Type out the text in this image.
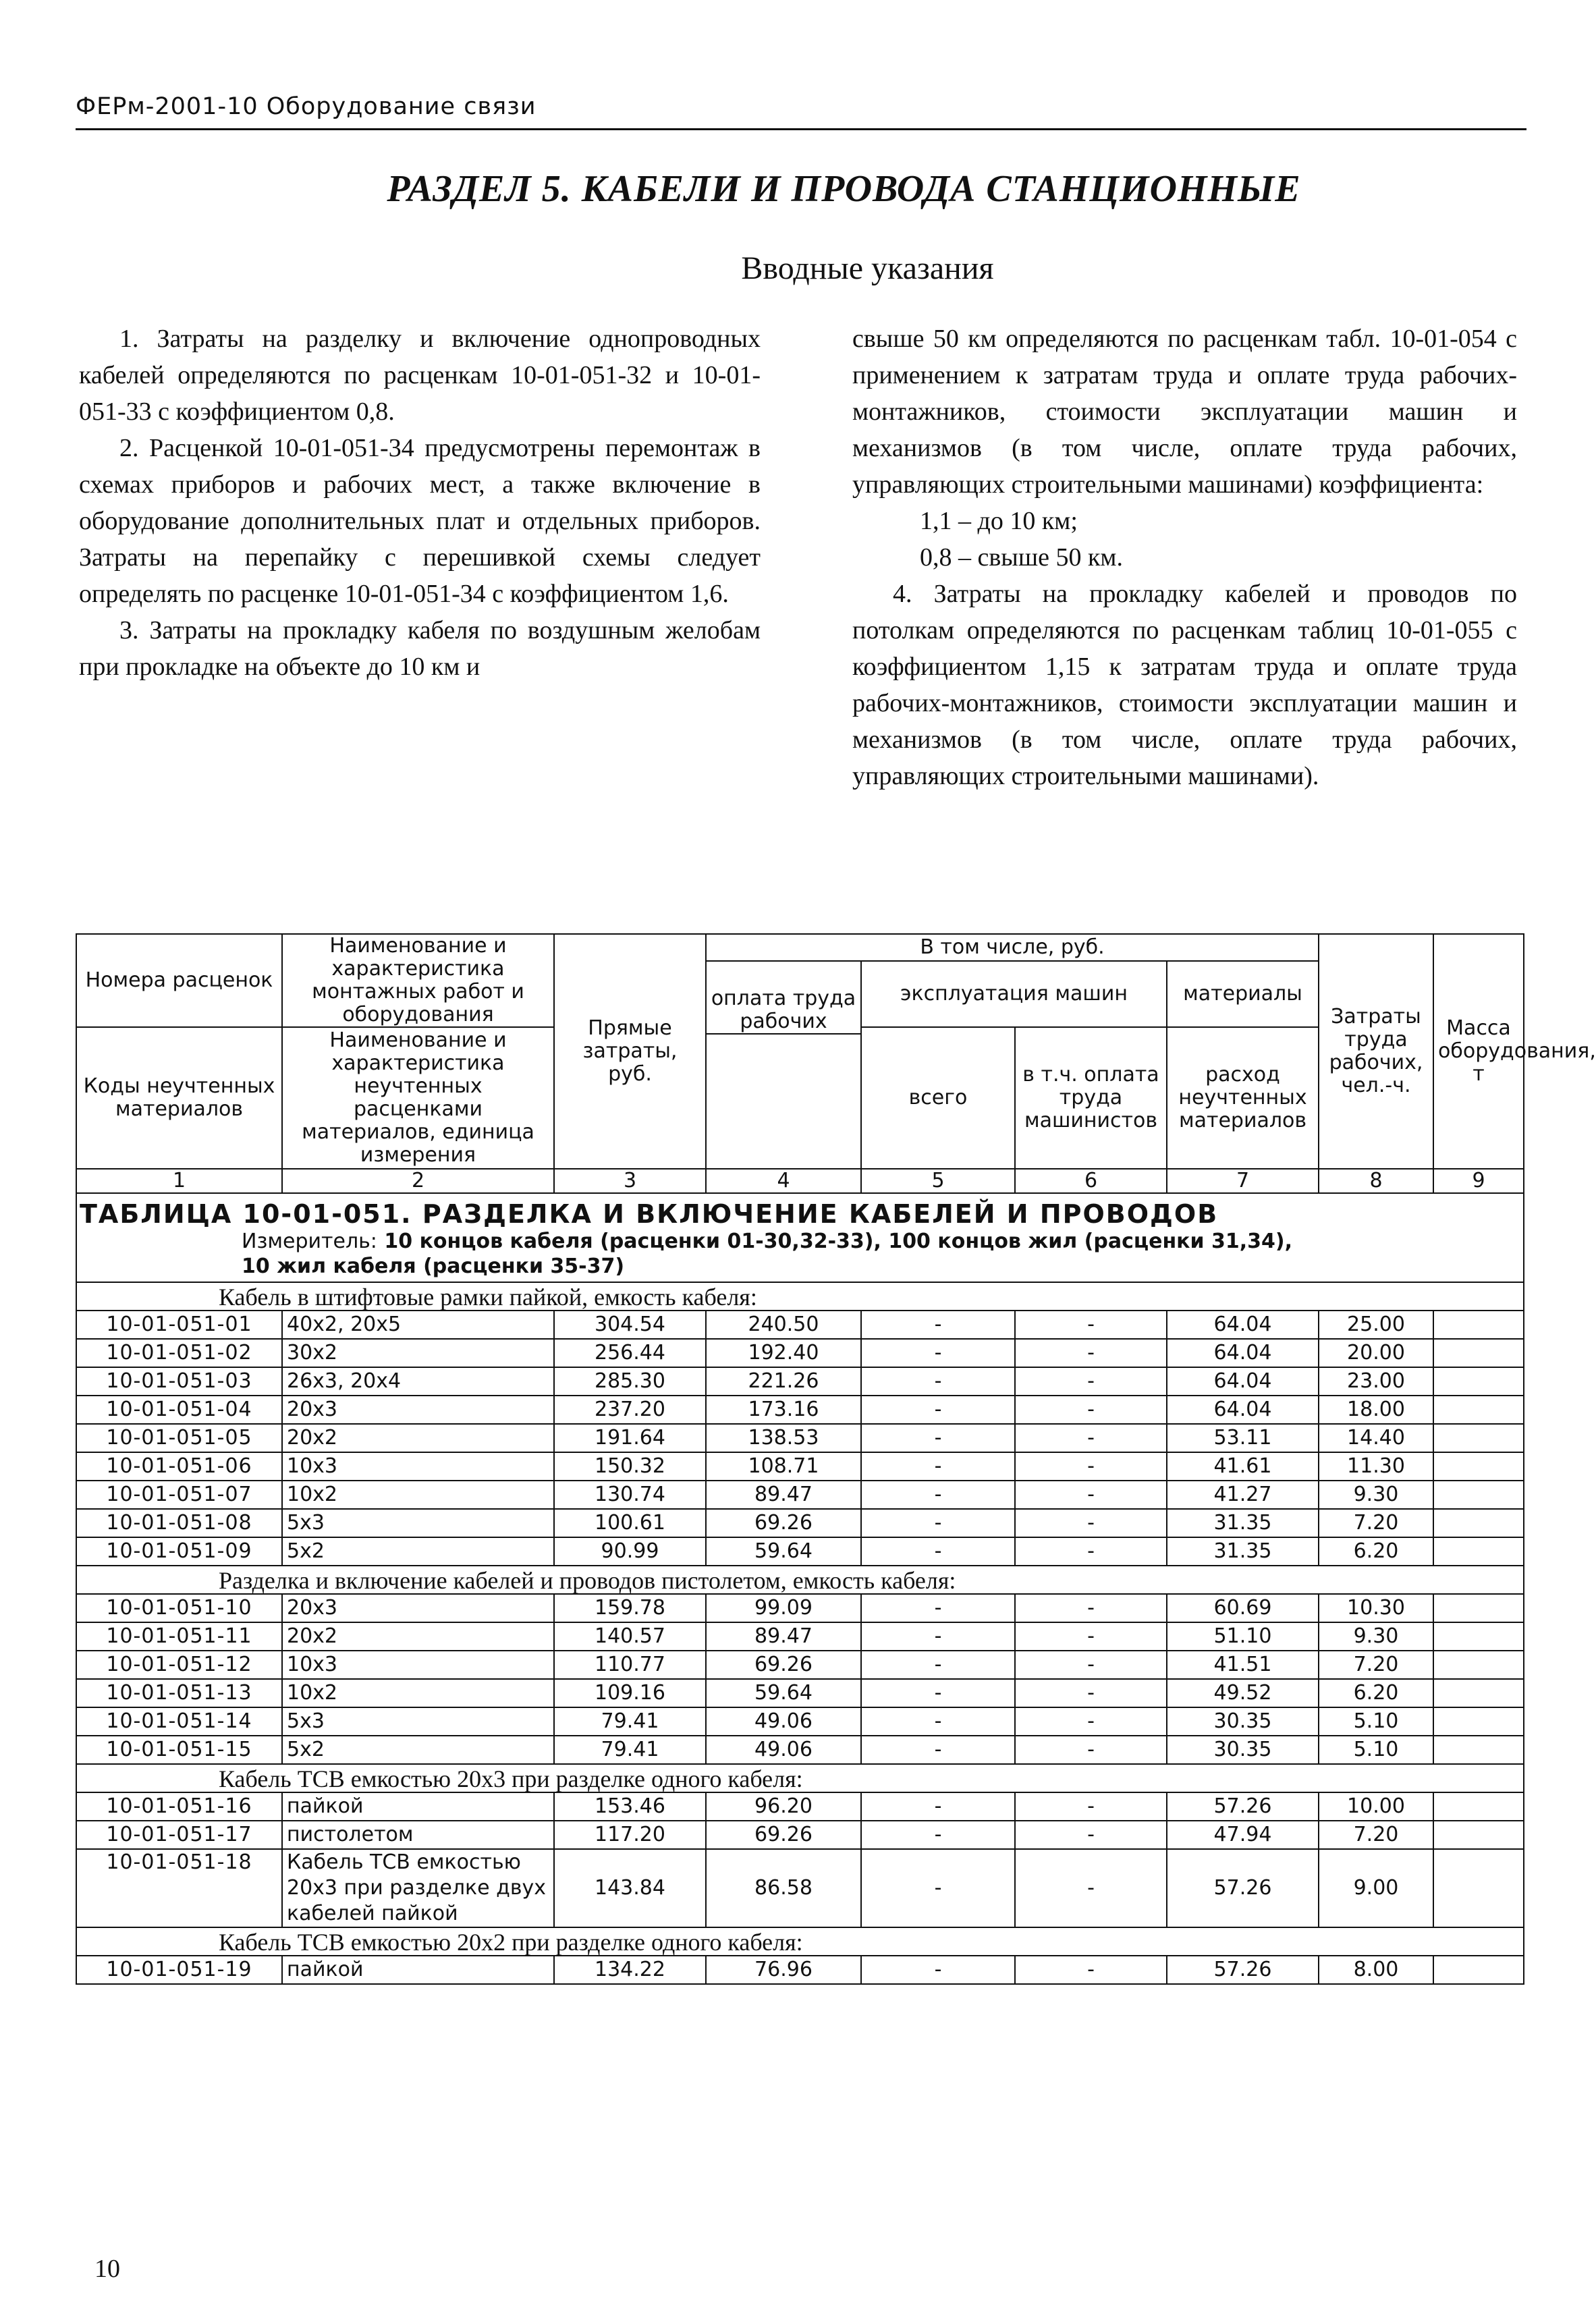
ФЕРм-2001-10 Оборудование связи
РАЗДЕЛ 5. КАБЕЛИ И ПРОВОДА СТАНЦИОННЫЕ
Вводные указания

1. Затраты на разделку и включение однопроводных кабелей определяются по расценкам 10-01-051-32 и 10-01-051-33 с коэффициентом 0,8.

2. Расценкой 10-01-051-34 предусмотрены перемонтаж в схемах приборов и рабочих мест, а также включение в оборудование дополнительных плат и отдельных приборов. Затраты на перепайку с перешивкой схемы следует определять по расценке 10-01-051-34 с коэффициентом 1,6.

3. Затраты на прокладку кабеля по воздушным желобам при прокладке на объекте до 10 км и

свыше 50 км определяются по расценкам табл. 10-01-054 с применением к затратам труда и оплате труда рабочих-монтажников, стоимости эксплуатации машин и механизмов (в том числе, оплате труда рабочих, управляющих строительными машинами) коэффициента:

1,1 – до 10 км;

0,8 – свыше 50 км.

4. Затраты на прокладку кабелей и проводов по потолкам определяются по расценкам таблиц 10-01-055 с коэффициентом 1,15 к затратам труда и оплате труда рабочих-монтажников, стоимости эксплуатации машин и механизмов (в том числе, оплате труда рабочих, управляющих строительными машинами).

Номера расценок	Наименование и характеристика монтажных работ и оборудования	Прямые затраты, руб.	В том числе, руб.				Затраты труда рабочих, чел.-ч.	Масса оборудования, т
			оплата труда рабочих	эксплуатация машин		материалы		

Коды неучтенных материалов	Наименование и характеристика неучтенных расценками материалов, единица измерения			всего	в т.ч. оплата труда машинистов	расход неучтенных материалов		

1	2	3	4	5	6	7	8	9

ТАБЛИЦА 10-01-051. РАЗДЕЛКА И ВКЛЮЧЕНИЕ КАБЕЛЕЙ И ПРОВОДОВ
Измеритель: 10 концов кабеля (расценки 01-30,32-33), 100 концов жил (расценки 31,34),
10 жил кабеля (расценки 35-37)								

Кабель в штифтовые рамки пайкой, емкость кабеля:								
10-01-051-01	40х2, 20х5	304.54	240.50	-	-	64.04	25.00	
10-01-051-02	30х2	256.44	192.40	-	-	64.04	20.00	
10-01-051-03	26х3, 20х4	285.30	221.26	-	-	64.04	23.00	
10-01-051-04	20х3	237.20	173.16	-	-	64.04	18.00	
10-01-051-05	20х2	191.64	138.53	-	-	53.11	14.40	
10-01-051-06	10х3	150.32	108.71	-	-	41.61	11.30	
10-01-051-07	10х2	130.74	89.47	-	-	41.27	9.30	
10-01-051-08	5х3	100.61	69.26	-	-	31.35	7.20	
10-01-051-09	5х2	90.99	59.64	-	-	31.35	6.20	
Разделка и включение кабелей и проводов пистолетом, емкость кабеля:								
10-01-051-10	20х3	159.78	99.09	-	-	60.69	10.30	
10-01-051-11	20х2	140.57	89.47	-	-	51.10	9.30	
10-01-051-12	10х3	110.77	69.26	-	-	41.51	7.20	
10-01-051-13	10х2	109.16	59.64	-	-	49.52	6.20	
10-01-051-14	5х3	79.41	49.06	-	-	30.35	5.10	
10-01-051-15	5х2	79.41	49.06	-	-	30.35	5.10	
Кабель ТСВ емкостью 20х3 при разделке одного кабеля:								
10-01-051-16	пайкой	153.46	96.20	-	-	57.26	10.00	
10-01-051-17	пистолетом	117.20	69.26	-	-	47.94	7.20	
10-01-051-18	Кабель ТСВ емкостью 20х3 при разделке двух кабелей пайкой	143.84	86.58	-	-	57.26	9.00	
Кабель ТСВ емкостью 20х2 при разделке одного кабеля:								
10-01-051-19	пайкой	134.22	76.96	-	-	57.26	8.00	
10
